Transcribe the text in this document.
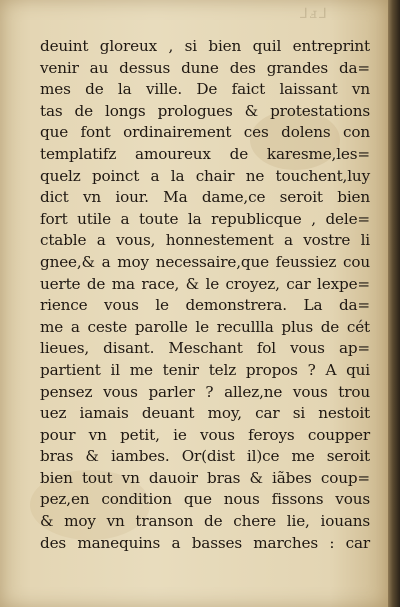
⅃ⅎ⅃
deuint gloreux , si bien quil entreprint
venir au dessus dune des grandes da=
mes de la ville. De faict laissant vn
tas de longs prologues & protestations
que font ordinairement ces dolens con
templatifz amoureux de karesme,les=
quelz poinct a la chair ne touchent,luy
dict vn iour. Ma dame,ce seroit bien
fort utile a toute la republicque , dele=
ctable a vous, honnestement a vostre li
gnee,& a moy necessaire,que feussiez cou
uerte de ma race, & le croyez, car lexpe=
rience vous le demonstrera. La da=
me a ceste parolle le recullla plus de cét
lieues, disant. Meschant fol vous ap=
partient il me tenir telz propos ? A qui
pensez vous parler ? allez,ne vous trou
uez iamais deuant moy, car si nestoit
pour vn petit, ie vous feroys coupper
bras & iambes. Or(dist il)ce me seroit
bien tout vn dauoir bras & iãbes coup=
pez,en condition que nous fissons vous
& moy vn transon de chere lie, iouans
des manequins a basses marches : car
